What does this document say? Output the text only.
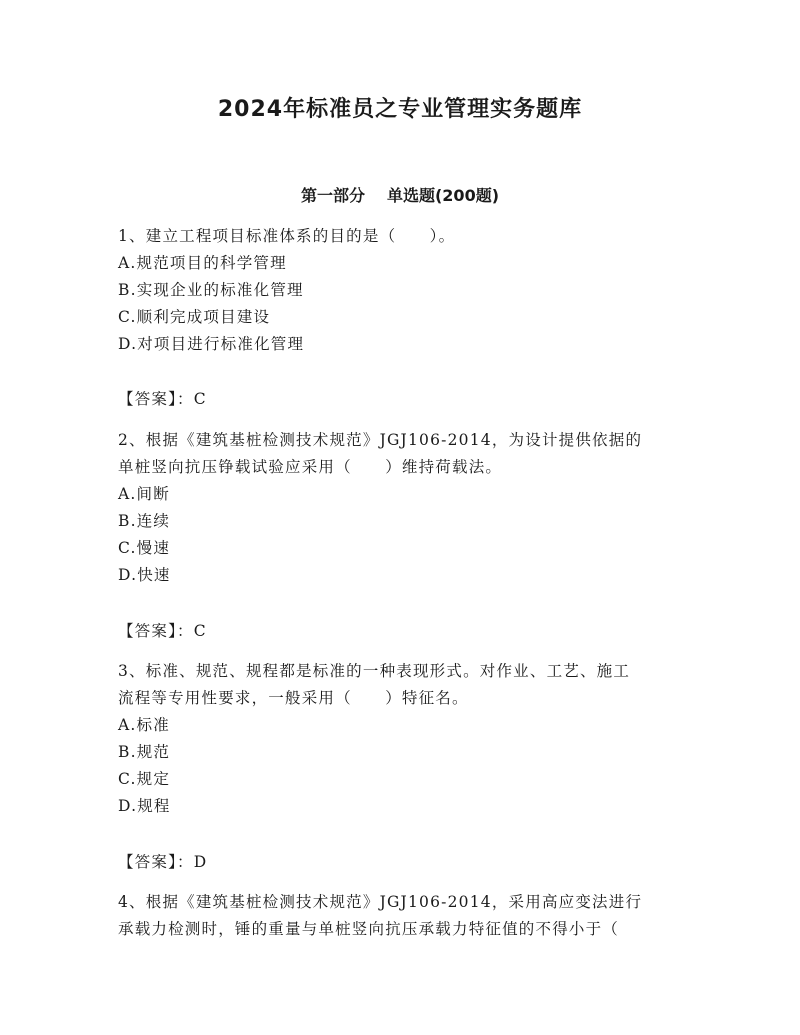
2024年标准员之专业管理实务题库
第一部分 单选题(200题)
1、建立工程项目标准体系的目的是（　　）。
A.规范项目的科学管理
B.实现企业的标准化管理
C.顺利完成项目建设
D.对项目进行标准化管理
【答案】：C
2、根据《建筑基桩检测技术规范》JGJ106-2014，为设计提供依据的
单桩竖向抗压铮载试验应采用（　　）维持荷载法。
A.间断
B.连续
C.慢速
D.快速
【答案】：C
3、标准、规范、规程都是标准的一种表现形式。对作业、工艺、施工
流程等专用性要求，一般采用（　　）特征名。
A.标准
B.规范
C.规定
D.规程
【答案】：D
4、根据《建筑基桩检测技术规范》JGJ106-2014，采用高应变法进行
承载力检测时，锤的重量与单桩竖向抗压承载力特征值的不得小于（
